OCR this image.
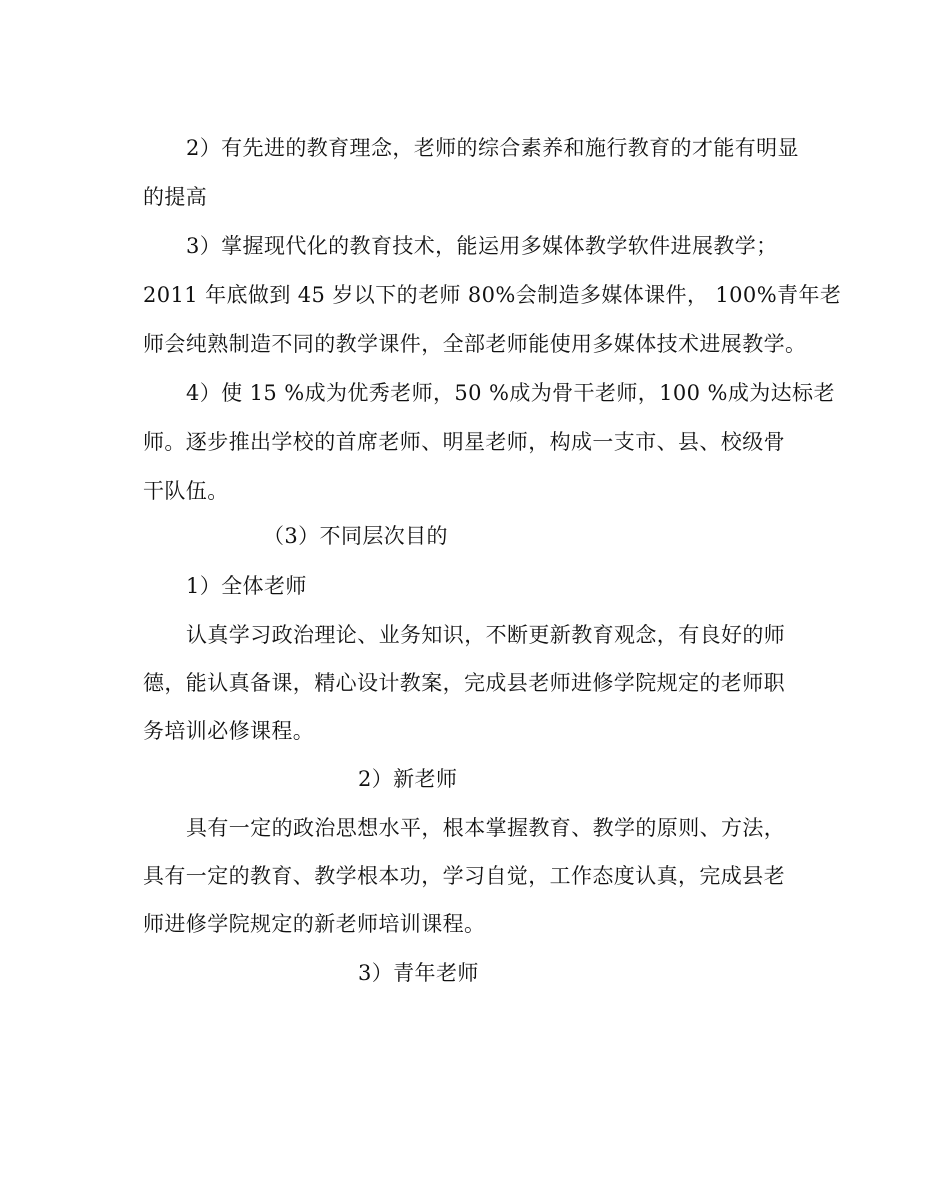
2）有先进的教育理念，老师的综合素养和施行教育的才能有明显
的提高
3）掌握现代化的教育技术，能运用多媒体教学软件进展教学；
2011 年底做到 45 岁以下的老师 80%会制造多媒体课件， 100%青年老
师会纯熟制造不同的教学课件，全部老师能使用多媒体技术进展教学。
4）使 15 %成为优秀老师，50 %成为骨干老师，100 %成为达标老
师。逐步推出学校的首席老师、明星老师，构成一支市、县、校级骨
干队伍。
（3）不同层次目的
1）全体老师
认真学习政治理论、业务知识，不断更新教育观念，有良好的师
德，能认真备课，精心设计教案，完成县老师进修学院规定的老师职
务培训必修课程。
2）新老师
具有一定的政治思想水平，根本掌握教育、教学的原则、方法，
具有一定的教育、教学根本功，学习自觉，工作态度认真，完成县老
师进修学院规定的新老师培训课程。
3）青年老师
